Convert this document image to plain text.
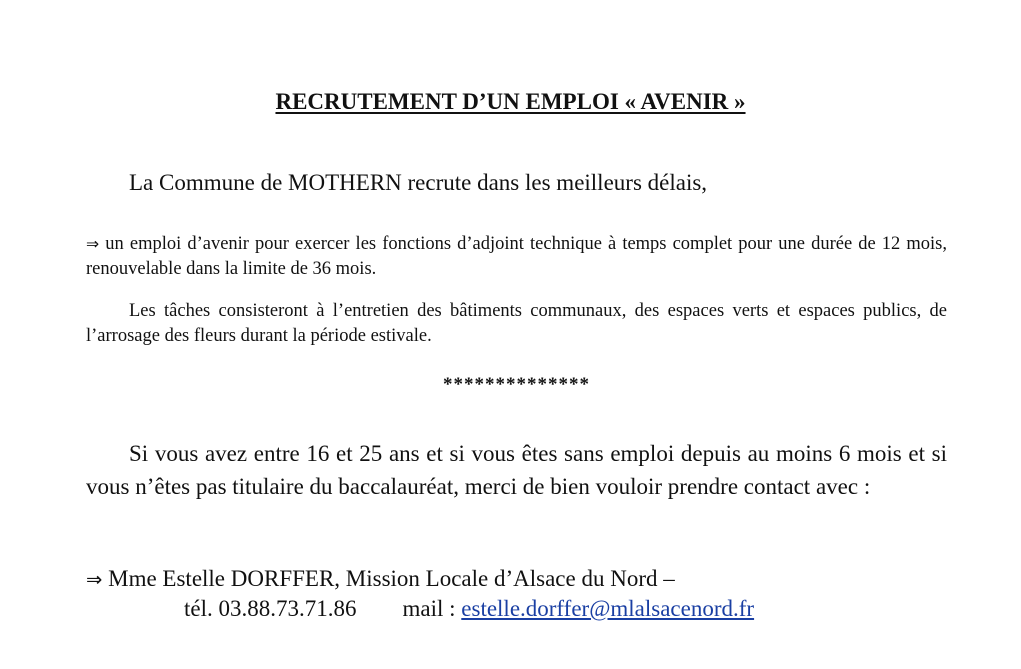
RECRUTEMENT D’UN EMPLOI « AVENIR »
La Commune de MOTHERN recrute dans les meilleurs délais,
⇒ un emploi d’avenir pour exercer les fonctions d’adjoint technique à temps complet pour une durée de 12 mois, renouvelable dans la limite de 36 mois.
Les tâches consisteront à l’entretien des bâtiments communaux, des espaces verts et espaces publics, de l’arrosage des fleurs durant la période estivale.
**************
Si vous avez entre 16 et 25 ans et si vous êtes sans emploi depuis au moins 6 mois et si vous n’êtes pas titulaire du baccalauréat, merci de bien vouloir prendre contact avec :
⇒ Mme Estelle DORFFER, Mission Locale d’Alsace du Nord –
tél. 03.88.73.71.86 mail : estelle.dorffer@mlalsacenord.fr
